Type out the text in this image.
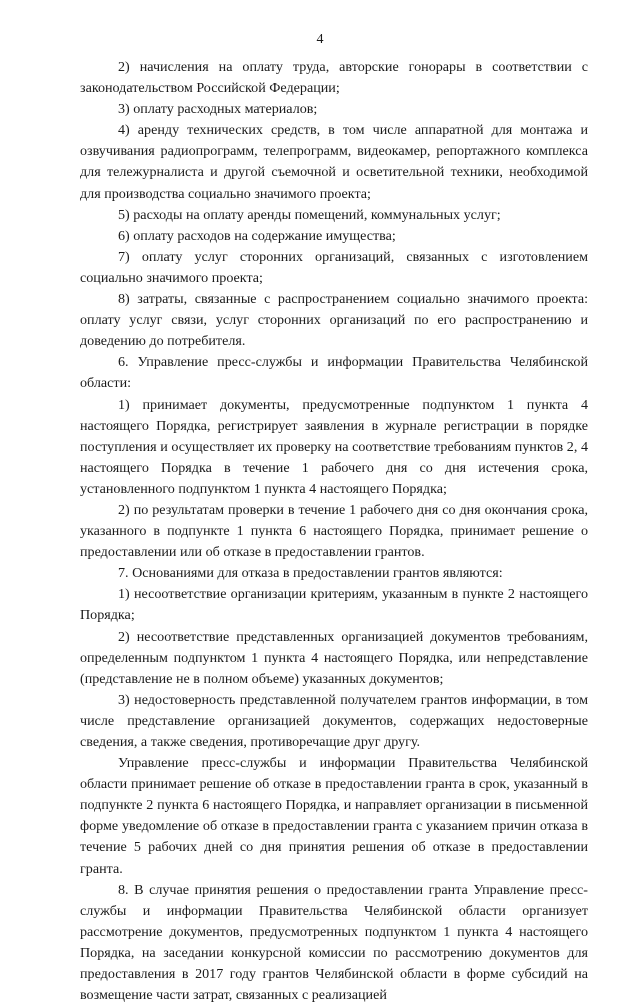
4

2) начисления на оплату труда, авторские гонорары в соответствии с законодательством Российской Федерации;

3) оплату расходных материалов;

4) аренду технических средств, в том числе аппаратной для монтажа и озвучивания радиопрограмм, телепрограмм, видеокамер, репортажного комплекса для тележурналиста и другой съемочной и осветительной техники, необходимой для производства социально значимого проекта;

5) расходы на оплату аренды помещений, коммунальных услуг;

6) оплату расходов на содержание имущества;

7) оплату услуг сторонних организаций, связанных с изготовлением социально значимого проекта;

8) затраты, связанные с распространением социально значимого проекта: оплату услуг связи, услуг сторонних организаций по его распространению и доведению до потребителя.

6. Управление пресс-службы и информации Правительства Челябинской области:

1) принимает документы, предусмотренные подпунктом 1 пункта 4 настоящего Порядка, регистрирует заявления в журнале регистрации в порядке поступления и осуществляет их проверку на соответствие требованиям пунктов 2, 4 настоящего Порядка в течение 1 рабочего дня со дня истечения срока, установленного подпунктом 1 пункта 4 настоящего Порядка;

2) по результатам проверки в течение 1 рабочего дня со дня окончания срока, указанного в подпункте 1 пункта 6 настоящего Порядка, принимает решение о предоставлении или об отказе в предоставлении грантов.

7. Основаниями для отказа в предоставлении грантов являются:

1) несоответствие организации критериям, указанным в пункте 2 настоящего Порядка;

2) несоответствие представленных организацией документов требованиям, определенным подпунктом 1 пункта 4 настоящего Порядка, или непредставление (представление не в полном объеме) указанных документов;

3) недостоверность представленной получателем грантов информации, в том числе представление организацией документов, содержащих недостоверные сведения, а также сведения, противоречащие друг другу.

Управление пресс-службы и информации Правительства Челябинской области принимает решение об отказе в предоставлении гранта в срок, указанный в подпункте 2 пункта 6 настоящего Порядка, и направляет организации в письменной форме уведомление об отказе в предоставлении гранта с указанием причин отказа в течение 5 рабочих дней со дня принятия решения об отказе в предоставлении гранта.

8. В случае принятия решения о предоставлении гранта Управление пресс-службы и информации Правительства Челябинской области организует рассмотрение документов, предусмотренных подпунктом 1 пункта 4 настоящего Порядка, на заседании конкурсной комиссии по рассмотрению документов для предоставления в 2017 году грантов Челябинской области в форме субсидий на возмещение части затрат, связанных с реализацией
